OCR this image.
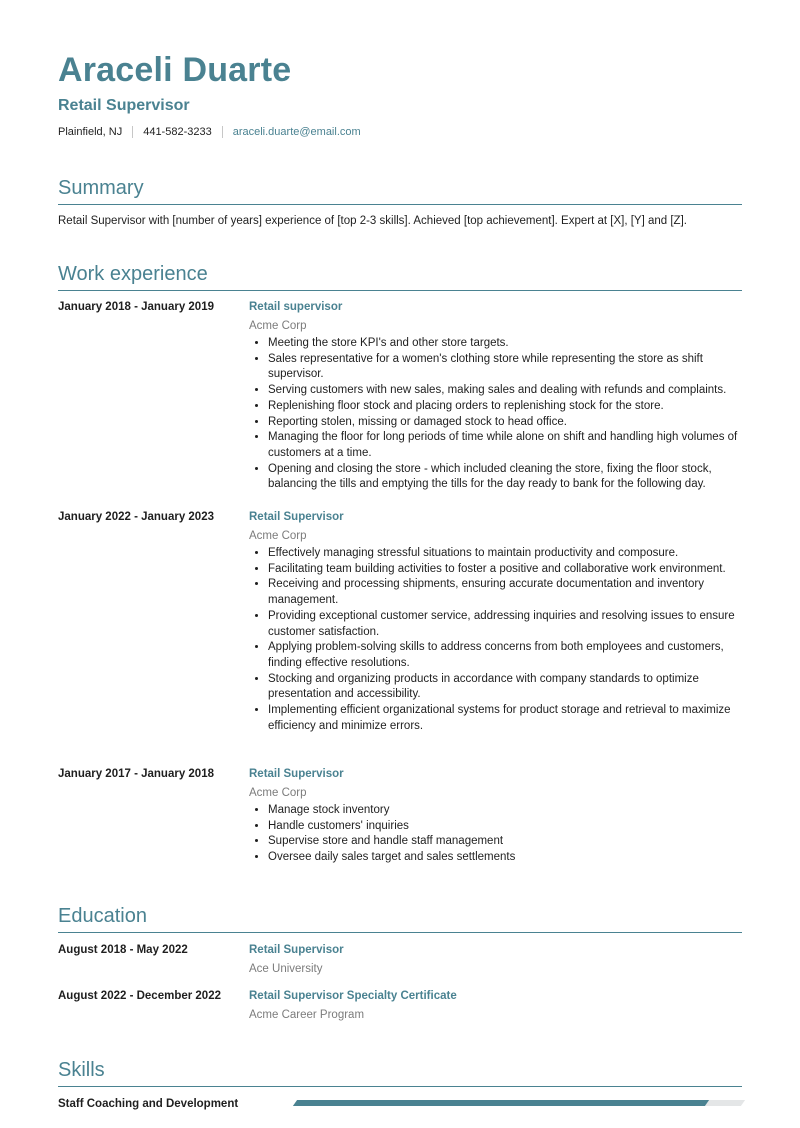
Araceli Duarte
Retail Supervisor
Plainfield, NJ 441-582-3233 araceli.duarte@email.com
Summary
Retail Supervisor with [number of years] experience of [top 2-3 skills]. Achieved [top achievement]. Expert at [X], [Y] and [Z].
Work experience
January 2018 - January 2019	Retail supervisor
Acme Corp
• Meeting the store KPI's and other store targets.
• Sales representative for a women's clothing store while representing the store as shift supervisor.
• Serving customers with new sales, making sales and dealing with refunds and complaints.
• Replenishing floor stock and placing orders to replenishing stock for the store.
• Reporting stolen, missing or damaged stock to head office.
• Managing the floor for long periods of time while alone on shift and handling high volumes of customers at a time.
• Opening and closing the store - which included cleaning the store, fixing the floor stock, balancing the tills and emptying the tills for the day ready to bank for the following day.
January 2022 - January 2023	Retail Supervisor
Acme Corp
• Effectively managing stressful situations to maintain productivity and composure.
• Facilitating team building activities to foster a positive and collaborative work environment.
• Receiving and processing shipments, ensuring accurate documentation and inventory management.
• Providing exceptional customer service, addressing inquiries and resolving issues to ensure customer satisfaction.
• Applying problem-solving skills to address concerns from both employees and customers, finding effective resolutions.
• Stocking and organizing products in accordance with company standards to optimize presentation and accessibility.
• Implementing efficient organizational systems for product storage and retrieval to maximize efficiency and minimize errors.
January 2017 - January 2018	Retail Supervisor
Acme Corp
• Manage stock inventory
• Handle customers' inquiries
• Supervise store and handle staff management
• Oversee daily sales target and sales settlements
Education
August 2018 - May 2022	Retail Supervisor
Ace University
August 2022 - December 2022	Retail Supervisor Specialty Certificate
Acme Career Program
Skills
Staff Coaching and Development
